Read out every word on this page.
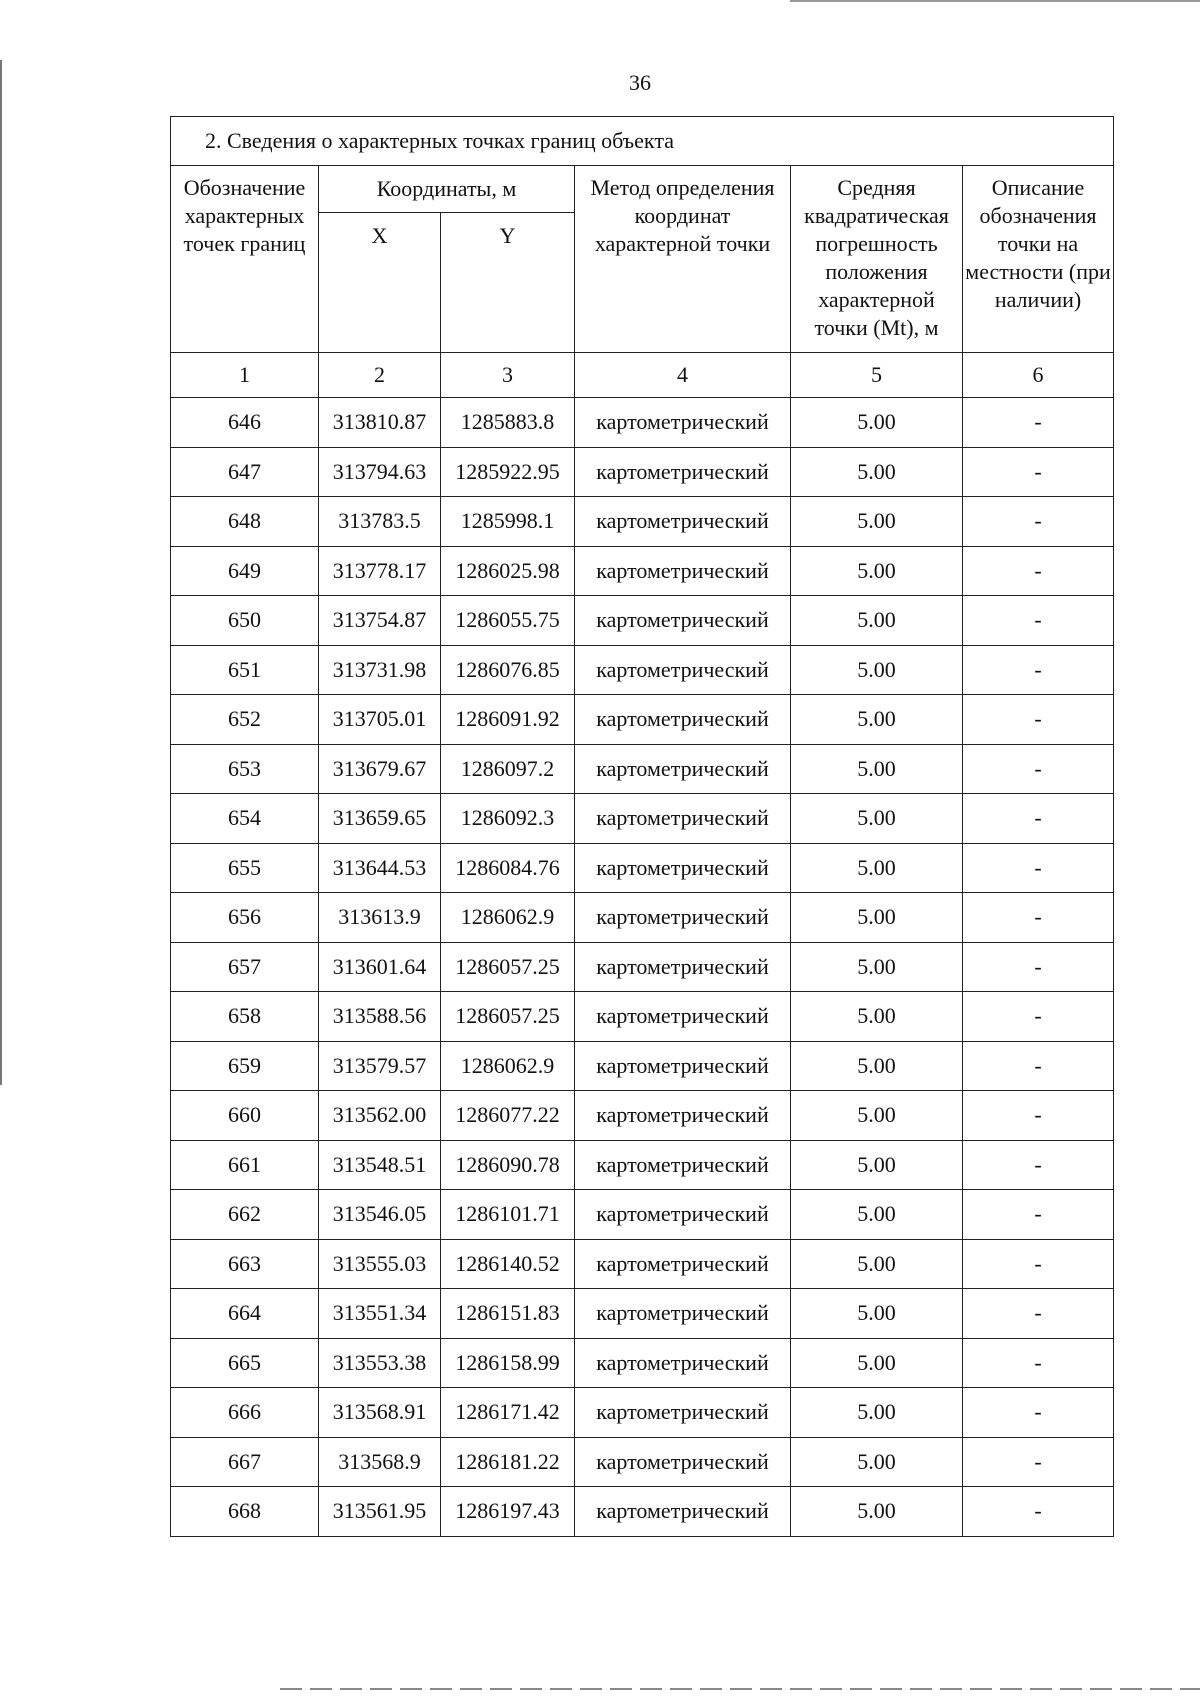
36
2. Сведения о характерных точках границ объекта					
Обозначение характерных точек границ	Координаты, м		Метод определения координат характерной точки	Средняя квадратическая погрешность положения характерной точки (Mt), м	Описание обозначения точки на местности (при наличии)
	X	Y			
1	2	3	4	5	6
646	313810.87	1285883.8	картометрический	5.00	-
647	313794.63	1285922.95	картометрический	5.00	-
648	313783.5	1285998.1	картометрический	5.00	-
649	313778.17	1286025.98	картометрический	5.00	-
650	313754.87	1286055.75	картометрический	5.00	-
651	313731.98	1286076.85	картометрический	5.00	-
652	313705.01	1286091.92	картометрический	5.00	-
653	313679.67	1286097.2	картометрический	5.00	-
654	313659.65	1286092.3	картометрический	5.00	-
655	313644.53	1286084.76	картометрический	5.00	-
656	313613.9	1286062.9	картометрический	5.00	-
657	313601.64	1286057.25	картометрический	5.00	-
658	313588.56	1286057.25	картометрический	5.00	-
659	313579.57	1286062.9	картометрический	5.00	-
660	313562.00	1286077.22	картометрический	5.00	-
661	313548.51	1286090.78	картометрический	5.00	-
662	313546.05	1286101.71	картометрический	5.00	-
663	313555.03	1286140.52	картометрический	5.00	-
664	313551.34	1286151.83	картометрический	5.00	-
665	313553.38	1286158.99	картометрический	5.00	-
666	313568.91	1286171.42	картометрический	5.00	-
667	313568.9	1286181.22	картометрический	5.00	-
668	313561.95	1286197.43	картометрический	5.00	-
